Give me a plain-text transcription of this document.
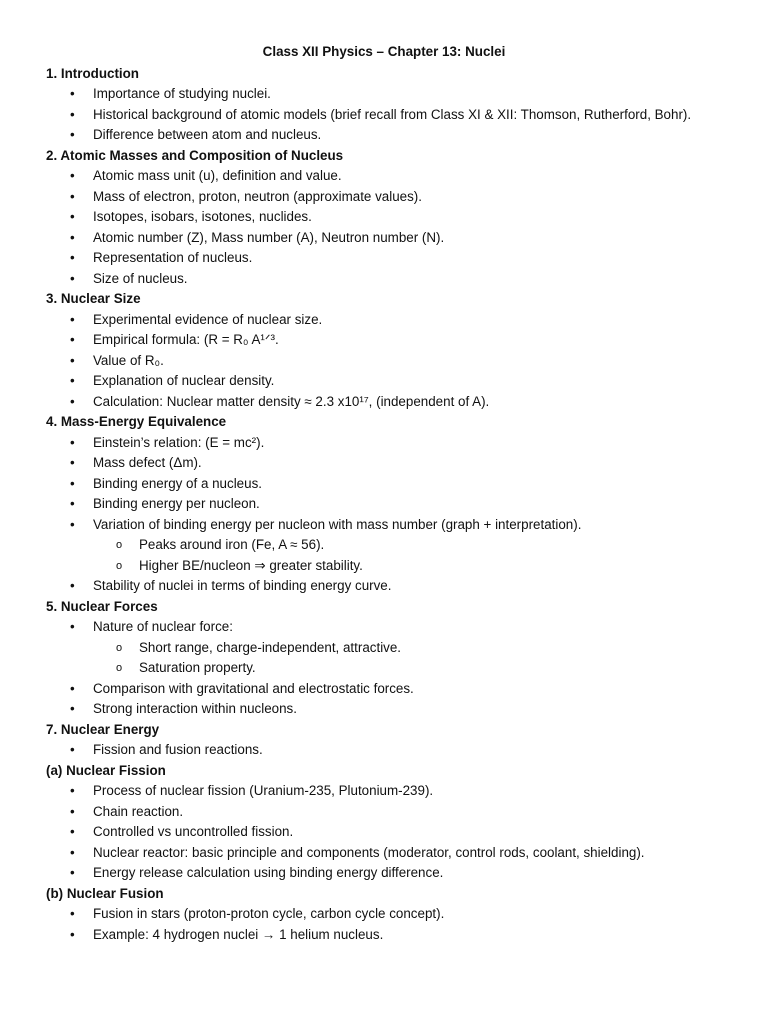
Class XII Physics – Chapter 13: Nuclei
1. Introduction
• Importance of studying nuclei.
• Historical background of atomic models (brief recall from Class XI & XII: Thomson, Rutherford, Bohr).
• Difference between atom and nucleus.
2. Atomic Masses and Composition of Nucleus
• Atomic mass unit (u), definition and value.
• Mass of electron, proton, neutron (approximate values).
• Isotopes, isobars, isotones, nuclides.
• Atomic number (Z), Mass number (A), Neutron number (N).
• Representation of nucleus.
• Size of nucleus.
3. Nuclear Size
• Experimental evidence of nuclear size.
• Empirical formula: (R = R₀ A¹ᐟ³.
• Value of R₀.
• Explanation of nuclear density.
• Calculation: Nuclear matter density ≈ 2.3 x10¹⁷, (independent of A).
4. Mass-Energy Equivalence
• Einstein’s relation: (E = mc²).
• Mass defect (Δm).
• Binding energy of a nucleus.
• Binding energy per nucleon.
• Variation of binding energy per nucleon with mass number (graph + interpretation).
o Peaks around iron (Fe, A ≈ 56).
o Higher BE/nucleon ⇒ greater stability.
• Stability of nuclei in terms of binding energy curve.
5. Nuclear Forces
• Nature of nuclear force:
o Short range, charge-independent, attractive.
o Saturation property.
• Comparison with gravitational and electrostatic forces.
• Strong interaction within nucleons.
7. Nuclear Energy
• Fission and fusion reactions.
(a) Nuclear Fission
• Process of nuclear fission (Uranium-235, Plutonium-239).
• Chain reaction.
• Controlled vs uncontrolled fission.
• Nuclear reactor: basic principle and components (moderator, control rods, coolant, shielding).
• Energy release calculation using binding energy difference.
(b) Nuclear Fusion
• Fusion in stars (proton-proton cycle, carbon cycle concept).
• Example: 4 hydrogen nuclei → 1 helium nucleus.
